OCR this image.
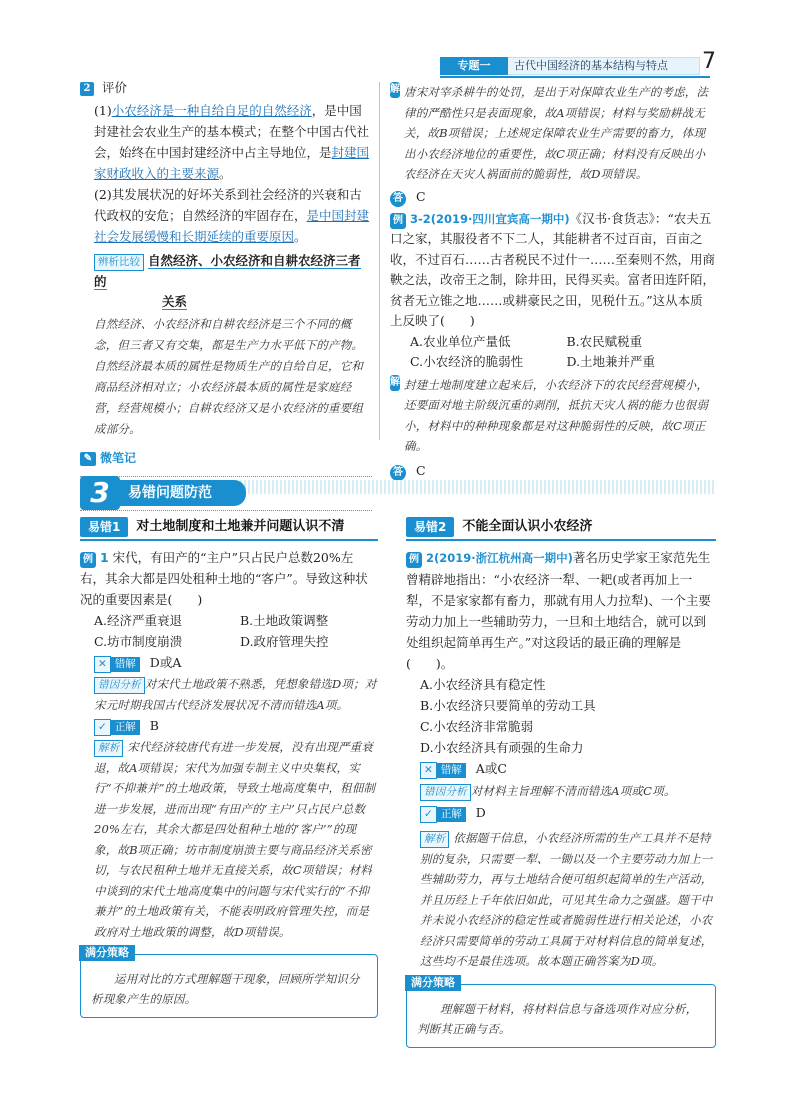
专题一	古代中国经济的基本结构与特点 7
2 评价

(1)小农经济是一种自给自足的自然经济，是中国封建社会农业生产的基本模式；在整个中国古代社会，始终在中国封建经济中占主导地位，是封建国家财政收入的主要来源。

(2)其发展状况的好坏关系到社会经济的兴衰和古代政权的安危；自然经济的牢固存在，是中国封建社会发展缓慢和长期延续的重要原因。

辨析比较 自然经济、小农经济和自耕农经济三者的
关系

自然经济、小农经济和自耕农经济是三个不同的概念，但三者又有交集，都是生产力水平低下的产物。自然经济最本质的属性是物质生产的自给自足，它和商品经济相对立；小农经济最本质的属性是家庭经营，经营规模小；自耕农经济又是小农经济的重要组成部分。

✎ 微笔记
解 唐宋对宰杀耕牛的处罚，是出于对保障农业生产的考虑，法律的严酷性只是表面现象，故A项错误；材料与奖励耕战无关，故B项错误；上述规定保障农业生产需要的畜力，体现出小农经济地位的重要性，故C项正确；材料没有反映出小农经济在天灾人祸面前的脆弱性，故D项错误。

答 C

例 3-2(2019·四川宜宾高一期中)《汉书·食货志》：“农夫五口之家，其服役者不下二人，其能耕者不过百亩，百亩之收，不过百石……古者税民不过什一……至秦则不然，用商鞅之法，改帝王之制，除井田，民得买卖。富者田连阡陌，贫者无立锥之地……或耕豪民之田，见税什五。”这从本质上反映了(　　)

A.农业单位产量低	B.农民赋税重
C.小农经济的脆弱性	D.土地兼并严重
解 封建土地制度建立起来后，小农经济下的农民经营规模小，还要面对地主阶级沉重的剥削，抵抗天灾人祸的能力也很弱小，材料中的种种现象都是对这种脆弱性的反映，故C项正确。

答 C
3	易错问题防范
易错1	对土地制度和土地兼并问题认识不清

例 1 宋代，有田产的“主户”只占民户总数20%左右，其余大都是四处租种土地的“客户”。导致这种状况的重要因素是(　　)

A.经济严重衰退	B.土地政策调整
C.坊市制度崩溃	D.政府管理失控
✕ 错解 D或A

错因分析 对宋代土地政策不熟悉，凭想象错选D项；对宋元时期我国古代经济发展状况不清而错选A项。

✓ 正解 B

解析 宋代经济较唐代有进一步发展，没有出现严重衰退，故A项错误；宋代为加强专制主义中央集权，实行“不抑兼并”的土地政策，导致土地高度集中，租佃制进一步发展，进而出现“有田产的‘主户’只占民户总数20%左右，其余大都是四处租种土地的‘客户’”的现象，故B项正确；坊市制度崩溃主要与商品经济关系密切，与农民租种土地并无直接关系，故C项错误；材料中谈到的宋代土地高度集中的问题与宋代实行的“不抑兼并”的土地政策有关，不能表明政府管理失控，而是政府对土地政策的调整，故D项错误。

满分策略

运用对比的方式理解题干现象，回顾所学知识分析现象产生的原因。

易错2	不能全面认识小农经济

例 2(2019·浙江杭州高一期中)著名历史学家王家范先生曾精辟地指出：“小农经济一犁、一耙(或者再加上一犁，不是家家都有畜力，那就有用人力拉犁)、一个主要劳动力加上一些辅助劳力，一旦和土地结合，就可以到处组织起简单再生产。”对这段话的最正确的理解是(　　)。

A.小农经济具有稳定性
B.小农经济只要简单的劳动工具
C.小农经济非常脆弱
D.小农经济具有顽强的生命力
✕ 错解 A或C

错因分析 对材料主旨理解不清而错选A项或C项。

✓ 正解 D

解析 依据题干信息，小农经济所需的生产工具并不是特别的复杂，只需要一犁、一锄以及一个主要劳动力加上一些辅助劳力，再与土地结合便可组织起简单的生产活动，并且历经上千年依旧如此，可见其生命力之强盛。题干中并未说小农经济的稳定性或者脆弱性进行相关论述，小农经济只需要简单的劳动工具属于对材料信息的简单复述，这些均不是最佳选项。故本题正确答案为D项。

满分策略

理解题干材料，将材料信息与备选项作对应分析，判断其正确与否。
